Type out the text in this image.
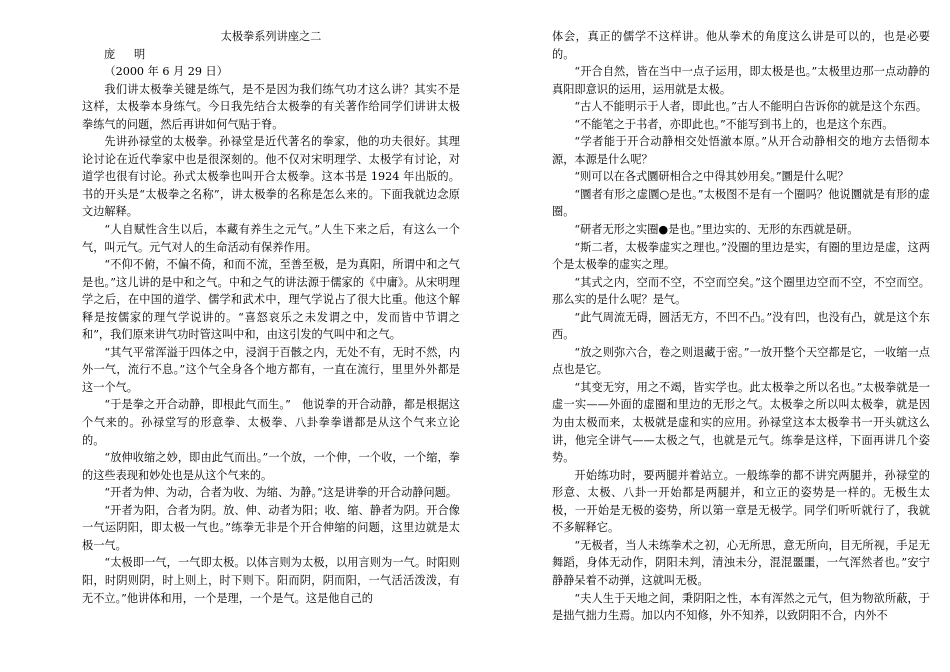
太极拳系列讲座之二

庞 明

（2000 年 6 月 29 日）

我们讲太极拳关键是练气，是不是因为我们练气功才这么讲？其实不是这样，太极拳本身练气。今日我先结合太极拳的有关著作给同学们讲讲太极拳练气的问题，然后再讲如何气贴于脊。

先讲孙禄堂的太极拳。孙禄堂是近代著名的拳家，他的功夫很好。其理论讨论在近代拳家中也是很深刻的。他不仅对宋明理学、太极学有讨论，对道学也很有讨论。孙式太极拳也叫开合太极拳。这本书是 1924 年出版的。书的开头是“太极拳之名称”，讲太极拳的名称是怎么来的。下面我就边念原文边解释。

“人自赋性含生以后，本藏有养生之元气。”人生下来之后，有这么一个气，叫元气。元气对人的生命活动有保养作用。

“不仰不俯，不偏不倚，和而不流，至善至极，是为真阳，所谓中和之气是也。”这儿讲的是中和之气。中和之气的讲法源于儒家的《中庸》。从宋明理学之后，在中国的道学、儒学和武术中，理气学说占了很大比重。他这个解释是按儒家的理气学说讲的。“喜怒哀乐之未发谓之中，发而皆中节谓之和”，我们原来讲气功时管这叫中和，由这引发的气叫中和之气。

“其气平常浑溢于四体之中，浸润于百骸之内，无处不有，无时不然，内外一气，流行不息。”这个气全身各个地方都有，一直在流行，里里外外都是这一个气。

“于是拳之开合动静，即根此气而生。”　他说拳的开合动静，都是根据这个气来的。孙禄堂写的形意拳、太极拳、八卦拳拳谱都是从这个气来立论的。

“放伸收缩之妙，即由此气而出。”一个放，一个伸，一个收，一个缩，拳的这些表现和妙处也是从这个气来的。

“开者为伸、为动，合者为收、为缩、为静。”这是讲拳的开合动静问题。

“开者为阳，合者为阴。放、伸、动者为阳；收、缩、静者为阴。开合像一气运阴阳，即太极一气也。”练拳无非是个开合伸缩的问题，这里边就是太极一气。

“太极即一气，一气即太极。以体言则为太极，以用言则为一气。时阳则阳，时阴则阴，时上则上，时下则下。阳而阴，阴而阳，一气活活泼泼，有无不立。”他讲体和用，一个是理，一个是气。这是他自己的

体会，真正的儒学不这样讲。他从拳术的角度这么讲是可以的，也是必要的。

“开合自然，皆在当中一点子运用，即太极是也。”太极里边那一点动静的真阳即意识的运用，运用就是太极。

“古人不能明示于人者，即此也。”古人不能明白告诉你的就是这个东西。

“不能笔之于书者，亦即此也。”不能写到书上的，也是这个东西。

“学者能于开合动静相交处悟澈本原。”从开合动静相交的地方去悟彻本源，本源是什么呢？

“则可以在各式圜研相合之中得其妙用矣。”圜是什么呢？

“圜者有形之虚圜○是也。”太极图不是有一个圈吗？他说圜就是有形的虚圈。

“研者无形之实圈●是也。”里边实的、无形的东西就是研。

“斯二者，太极拳虚实之理也。”没圈的里边是实，有圈的里边是虚，这两个是太极拳的虚实之理。

“其式之内，空而不空，不空而空矣。”这个圈里边空而不空，不空而空。那么实的是什么呢？是气。

“此气周流无碍，圆活无方，不凹不凸。”没有凹，也没有凸，就是这个东西。

“放之则弥六合，卷之则退藏于密。”一放开整个天空都是它，一收缩一点点也是它。

“其变无穷，用之不竭，皆实学也。此太极拳之所以名也。”太极拳就是一虚一实——外面的虚圈和里边的无形之气。太极拳之所以叫太极拳，就是因为由太极而来，太极就是虚和实的应用。孙禄堂这本太极拳书一开头就这么讲，他完全讲气——太极之气，也就是元气。练拳是这样，下面再讲几个姿势。

开始练功时，要两腿并着站立。一般练拳的都不讲究两腿并，孙禄堂的形意、太极、八卦一开始都是两腿并，和立正的姿势是一样的。无极生太极，一开始是无极的姿势，所以第一章是无极学。同学们听听就行了，我就不多解释它。

“无极者，当人未练拳术之初，心无所思，意无所向，目无所视，手足无舞蹈，身体无动作，阴阳未判，清浊未分，混混噩噩，一气浑然者也。”安宁静静呆着不动弹，这就叫无极。

“夫人生于天地之间，秉阴阳之性，本有浑然之元气，但为物欲所蔽，于是拙气拙力生焉。加以内不知修，外不知养，以致阴阳不合，内外不
